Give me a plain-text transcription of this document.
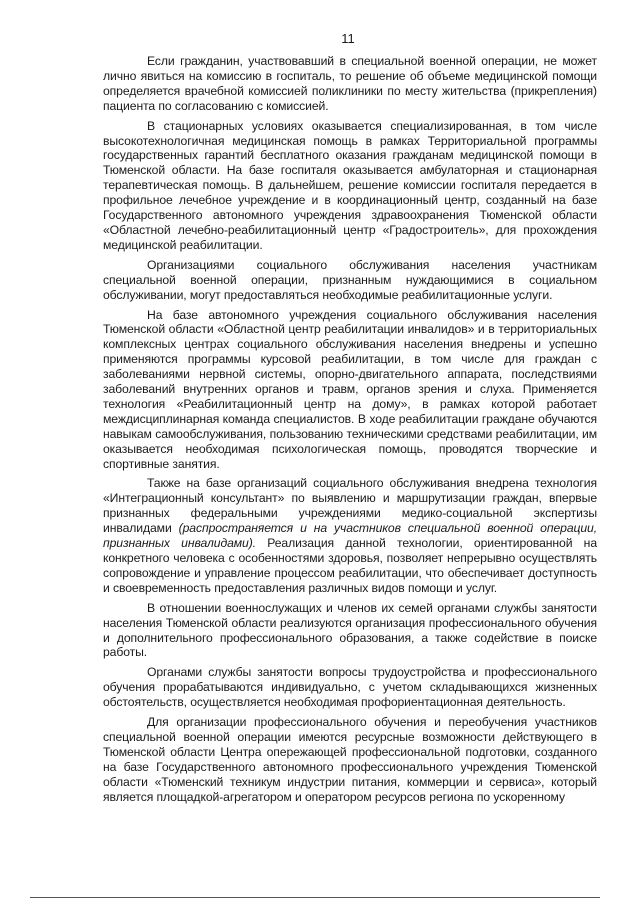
11

Если гражданин, участвовавший в специальной военной операции, не может лично явиться на комиссию в госпиталь, то решение об объеме медицинской помощи определяется врачебной комиссией поликлиники по месту жительства (прикрепления) пациента по согласованию с комиссией.

В стационарных условиях оказывается специализированная, в том числе высокотехнологичная медицинская помощь в рамках Территориальной программы государственных гарантий бесплатного оказания гражданам медицинской помощи в Тюменской области. На базе госпиталя оказывается амбулаторная и стационарная терапевтическая помощь. В дальнейшем, решение комиссии госпиталя передается в профильное лечебное учреждение и в координационный центр, созданный на базе Государственного автономного учреждения здравоохранения Тюменской области «Областной лечебно-реабилитационный центр «Градостроитель», для прохождения медицинской реабилитации.

Организациями социального обслуживания населения участникам специальной военной операции, признанным нуждающимися в социальном обслуживании, могут предоставляться необходимые реабилитационные услуги.

На базе автономного учреждения социального обслуживания населения Тюменской области «Областной центр реабилитации инвалидов» и в территориальных комплексных центрах социального обслуживания населения внедрены и успешно применяются программы курсовой реабилитации, в том числе для граждан с заболеваниями нервной системы, опорно-двигательного аппарата, последствиями заболеваний внутренних органов и травм, органов зрения и слуха. Применяется технология «Реабилитационный центр на дому», в рамках которой работает междисциплинарная команда специалистов. В ходе реабилитации граждане обучаются навыкам самообслуживания, пользованию техническими средствами реабилитации, им оказывается необходимая психологическая помощь, проводятся творческие и спортивные занятия.

Также на базе организаций социального обслуживания внедрена технология «Интеграционный консультант» по выявлению и маршрутизации граждан, впервые признанных федеральными учреждениями медико-социальной экспертизы инвалидами (распространяется и на участников специальной военной операции, признанных инвалидами). Реализация данной технологии, ориентированной на конкретного человека с особенностями здоровья, позволяет непрерывно осуществлять сопровождение и управление процессом реабилитации, что обеспечивает доступность и своевременность предоставления различных видов помощи и услуг.

В отношении военнослужащих и членов их семей органами службы занятости населения Тюменской области реализуются организация профессионального обучения и дополнительного профессионального образования, а также содействие в поиске работы.

Органами службы занятости вопросы трудоустройства и профессионального обучения прорабатываются индивидуально, с учетом складывающихся жизненных обстоятельств, осуществляется необходимая профориентационная деятельность.

Для организации профессионального обучения и переобучения участников специальной военной операции имеются ресурсные возможности действующего в Тюменской области Центра опережающей профессиональной подготовки, созданного на базе Государственного автономного профессионального учреждения Тюменской области «Тюменский техникум индустрии питания, коммерции и сервиса», который является площадкой-агрегатором и оператором ресурсов региона по ускоренному
